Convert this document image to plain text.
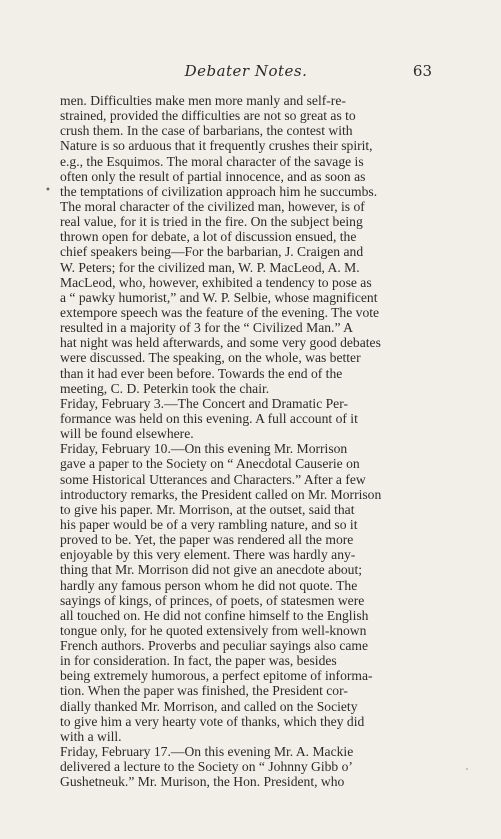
Debater Notes.	63
•
men. Difficulties make men more manly and self-re-
strained, provided the difficulties are not so great as to
crush them. In the case of barbarians, the contest with
Nature is so arduous that it frequently crushes their spirit,
e.g., the Esquimos. The moral character of the savage is
often only the result of partial innocence, and as soon as
the temptations of civilization approach him he succumbs.
The moral character of the civilized man, however, is of
real value, for it is tried in the fire. On the subject being
thrown open for debate, a lot of discussion ensued, the
chief speakers being—For the barbarian, J. Craigen and
W. Peters; for the civilized man, W. P. MacLeod, A. M.
MacLeod, who, however, exhibited a tendency to pose as
a “ pawky humorist,” and W. P. Selbie, whose magnificent
extempore speech was the feature of the evening. The vote
resulted in a majority of 3 for the “ Civilized Man.” A
hat night was held afterwards, and some very good debates
were discussed. The speaking, on the whole, was better
than it had ever been before. Towards the end of the
meeting, C. D. Peterkin took the chair.
Friday, February 3.—The Concert and Dramatic Per-
formance was held on this evening. A full account of it
will be found elsewhere.
Friday, February 10.—On this evening Mr. Morrison
gave a paper to the Society on “ Anecdotal Causerie on
some Historical Utterances and Characters.” After a few
introductory remarks, the President called on Mr. Morrison
to give his paper. Mr. Morrison, at the outset, said that
his paper would be of a very rambling nature, and so it
proved to be. Yet, the paper was rendered all the more
enjoyable by this very element. There was hardly any-
thing that Mr. Morrison did not give an anecdote about;
hardly any famous person whom he did not quote. The
sayings of kings, of princes, of poets, of statesmen were
all touched on. He did not confine himself to the English
tongue only, for he quoted extensively from well-known
French authors. Proverbs and peculiar sayings also came
in for consideration. In fact, the paper was, besides
being extremely humorous, a perfect epitome of informa-
tion. When the paper was finished, the President cor-
dially thanked Mr. Morrison, and called on the Society
to give him a very hearty vote of thanks, which they did
with a will.
Friday, February 17.—On this evening Mr. A. Mackie
delivered a lecture to the Society on “ Johnny Gibb o’
Gushetneuk.” Mr. Murison, the Hon. President, who
